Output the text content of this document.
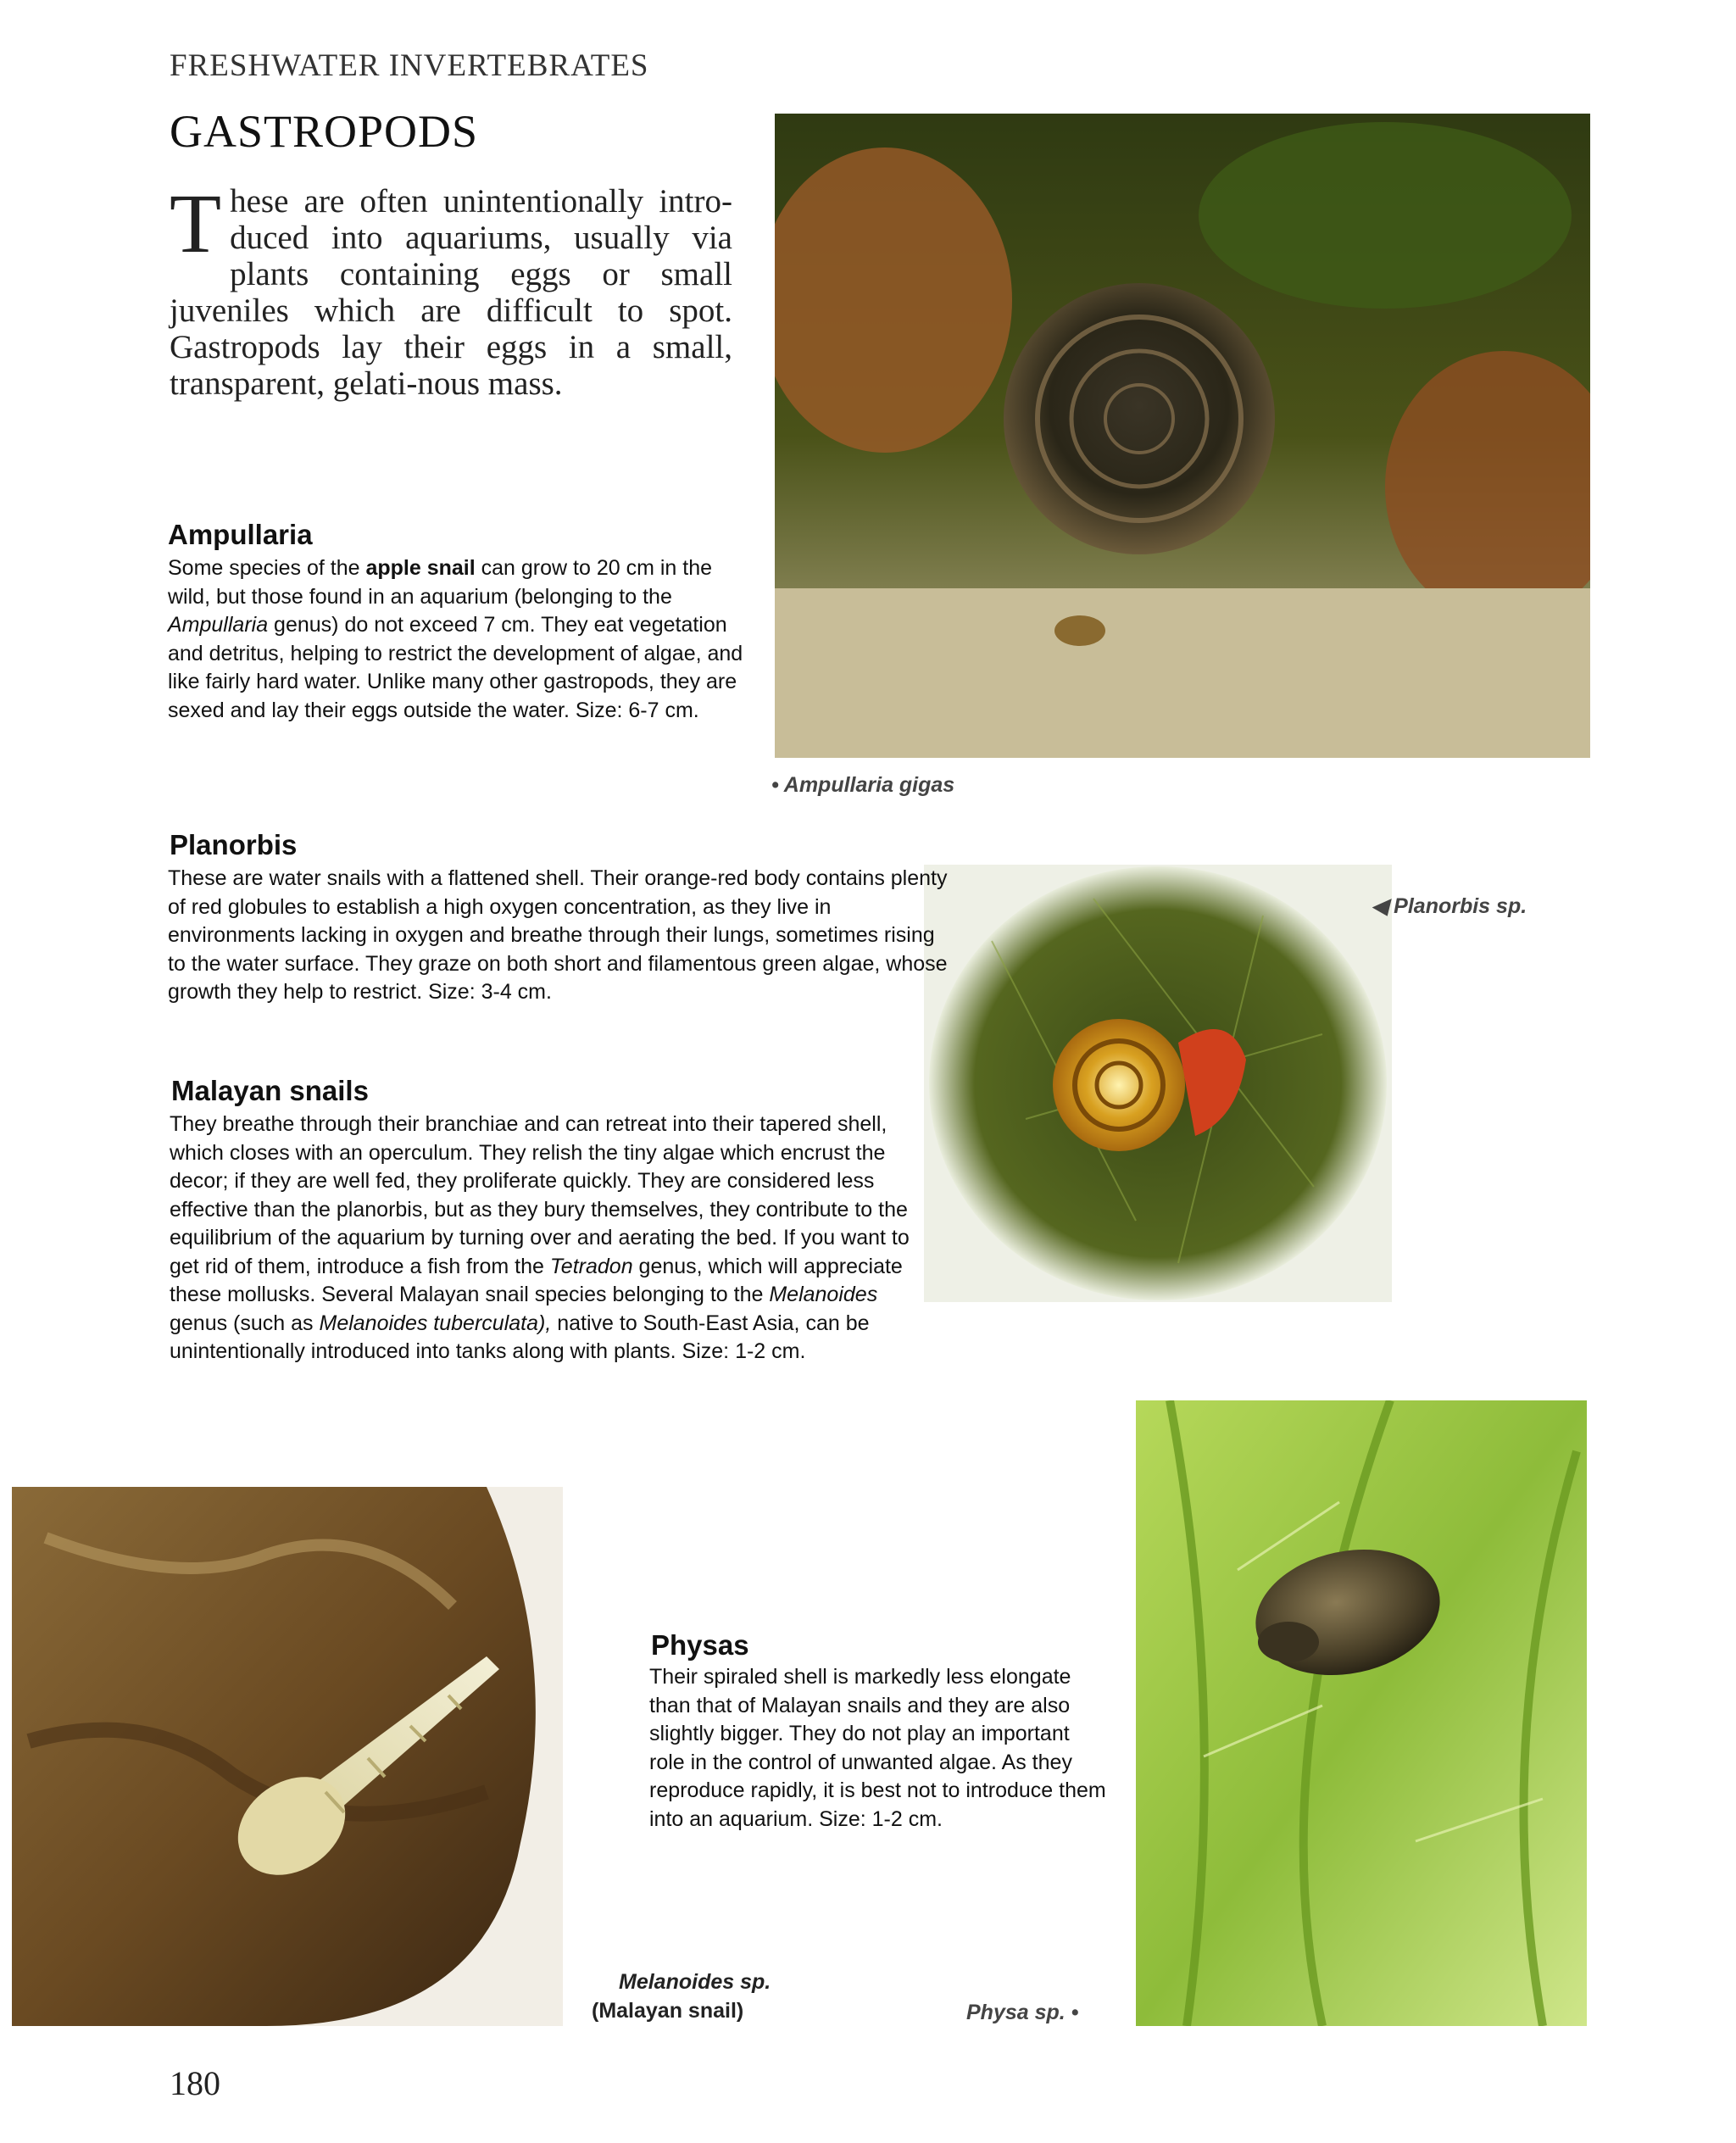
FRESHWATER INVERTEBRATES
GASTROPODS

These are often unintentionally intro-duced into aquariums, usually via plants containing eggs or small juveniles which are difficult to spot. Gastropods lay their eggs in a small, transparent, gelati-nous mass.

• Ampullaria gigas
Ampullaria

Some species of the apple snail can grow to 20 cm in the wild, but those found in an aquarium (belonging to the Ampullaria genus) do not exceed 7 cm. They eat vegetation and detritus, helping to restrict the development of algae, and like fairly hard water. Unlike many other gastropods, they are sexed and lay their eggs outside the water. Size: 6-7 cm.

◀ Planorbis sp.
Planorbis

These are water snails with a flattened shell. Their orange-red body contains plenty of red globules to establish a high oxygen concentration, as they live in environments lacking in oxygen and breathe through their lungs, sometimes rising to the water surface. They graze on both short and filamentous green algae, whose growth they help to restrict. Size: 3-4 cm.

Malayan snails

They breathe through their branchiae and can retreat into their tapered shell, which closes with an operculum. They relish the tiny algae which encrust the decor; if they are well fed, they proliferate quickly. They are considered less effective than the planorbis, but as they bury themselves, they contribute to the equilibrium of the aquarium by turning over and aerating the bed. If you want to get rid of them, introduce a fish from the Tetradon genus, which will appreciate these mollusks. Several Malayan snail species belonging to the Melanoides genus (such as Melanoides tuberculata), native to South-East Asia, can be unintentionally introduced into tanks along with plants. Size: 1-2 cm.

Melanoides sp.
(Malayan snail)	Physa sp. •
Physas

Their spiraled shell is markedly less elongate than that of Malayan snails and they are also slightly bigger. They do not play an important role in the control of unwanted algae. As they reproduce rapidly, it is best not to introduce them into an aquarium. Size: 1-2 cm.

180
